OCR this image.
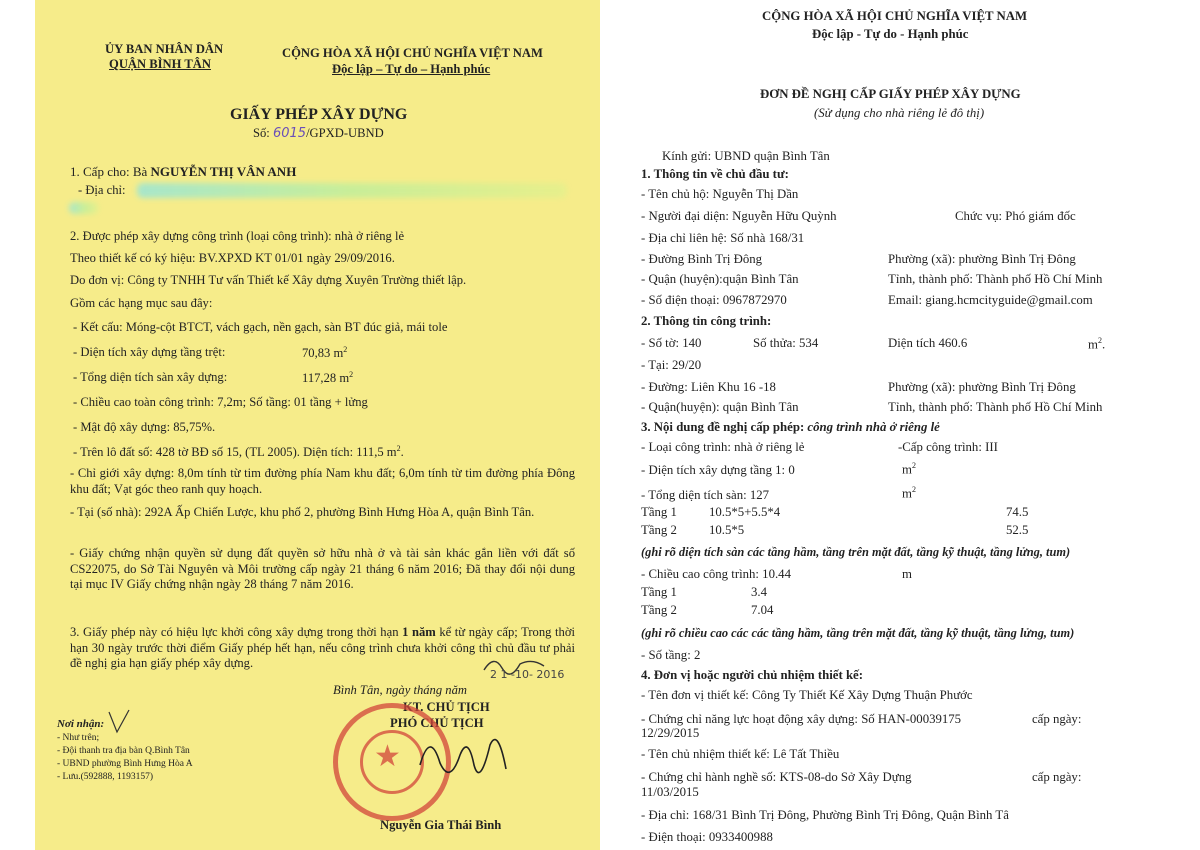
ỦY BAN NHÂN DÂN
QUẬN BÌNH TÂN
CỘNG HÒA XÃ HỘI CHỦ NGHĨA VIỆT NAM
Độc lập – Tự do – Hạnh phúc
GIẤY PHÉP XÂY DỰNG
Số: 6015/GPXD-UBND
1. Cấp cho: Bà NGUYỄN THỊ VÂN ANH
- Địa chỉ:
2. Được phép xây dựng công trình (loại công trình): nhà ở riêng lẻ
Theo thiết kế có ký hiệu: BV.XPXD KT 01/01 ngày 29/09/2016.
Do đơn vị: Công ty TNHH Tư vấn Thiết kế Xây dựng Xuyên Trường thiết lập.
Gồm các hạng mục sau đây:
- Kết cấu: Móng-cột BTCT, vách gạch, nền gạch, sàn BT đúc giả, mái tole
- Diện tích xây dựng tầng trệt:	70,83 $m^2$
- Tổng diện tích sàn xây dựng:	117,28 $m^2$
- Chiều cao toàn công trình: 7,2m; Số tầng: 01 tầng + lửng
- Mật độ xây dựng: 85,75%.
- Trên lô đất số: 428 tờ BĐ số 15, (TL 2005). Diện tích: 111,5 $m^2$.
- Chỉ giới xây dựng: 8,0m tính từ tim đường phía Nam khu đất; 6,0m tính từ tim đường phía Đông khu đất; Vạt góc theo ranh quy hoạch.
- Tại (số nhà): 292A Ấp Chiến Lược, khu phố 2, phường Bình Hưng Hòa A, quận Bình Tân.
- Giấy chứng nhận quyền sử dụng đất quyền sở hữu nhà ở và tài sản khác gắn liền với đất số CS22075, do Sở Tài Nguyên và Môi trường cấp ngày 21 tháng 6 năm 2016; Đã thay đổi nội dung tại mục IV Giấy chứng nhận ngày 28 tháng 7 năm 2016.
3. Giấy phép này có hiệu lực khởi công xây dựng trong thời hạn 1 năm kể từ ngày cấp; Trong thời hạn 30 ngày trước thời điểm Giấy phép hết hạn, nếu công trình chưa khởi công thì chủ đầu tư phải đề nghị gia hạn giấy phép xây dựng.
2 1 -10- 2016
Bình Tân, ngày tháng năm
KT. CHỦ TỊCH
PHÓ CHỦ TỊCH
★
Nguyễn Gia Thái Bình
Nơi nhận:
- Như trên;
- Đội thanh tra địa bàn Q.Bình Tân
- UBND phường Bình Hưng Hòa A
- Lưu.(592888, 1193157)
CỘNG HÒA XÃ HỘI CHỦ NGHĨA VIỆT NAM
Độc lập - Tự do - Hạnh phúc
ĐƠN ĐỀ NGHỊ CẤP GIẤY PHÉP XÂY DỰNG
(Sử dụng cho nhà riêng lẻ đô thị)
Kính gửi: UBND quận Bình Tân
1. Thông tin về chủ đầu tư:
- Tên chủ hộ: Nguyễn Thị Dần
- Người đại diện: Nguyễn Hữu Quỳnh	Chức vụ: Phó giám đốc
- Địa chỉ liên hệ: Số nhà 168/31
- Đường Bình Trị Đông	Phường (xã): phường Bình Trị Đông
- Quận (huyện):quận Bình Tân	Tỉnh, thành phố: Thành phố Hồ Chí Minh
- Số điện thoại: 0967872970	Email: giang.hcmcityguide@gmail.com
2. Thông tin công trình:
- Số tờ: 140	Số thửa: 534	Diện tích 460.6	$m^2$.
- Tại: 29/20
- Đường: Liên Khu 16 -18	Phường (xã): phường Bình Trị Đông
- Quận(huyện): quận Bình Tân	Tỉnh, thành phố: Thành phố Hồ Chí Minh
3. Nội dung đề nghị cấp phép: công trình nhà ở riêng lẻ
- Loại công trình: nhà ở riêng lẻ	-Cấp công trình: III
- Diện tích xây dựng tầng 1: 0	$m^2$
- Tổng diện tích sàn: 127	$m^2$
Tầng 1	10.5*5+5.5*4	74.5
Tầng 2	10.5*5	52.5
(ghi rõ diện tích sàn các tầng hầm, tầng trên mặt đất, tầng kỹ thuật, tầng lửng, tum)
- Chiều cao công trình: 10.44	m
Tầng 1	3.4
Tầng 2	7.04
(ghi rõ chiều cao các các tầng hầm, tầng trên mặt đất, tầng kỹ thuật, tầng lửng, tum)
- Số tầng: 2
4. Đơn vị hoặc người chủ nhiệm thiết kế:
- Tên đơn vị thiết kế: Công Ty Thiết Kế Xây Dựng Thuận Phước
- Chứng chỉ năng lực hoạt động xây dựng: Số HAN-00039175	cấp ngày:
12/29/2015
- Tên chủ nhiệm thiết kế: Lê Tất Thiều
- Chứng chỉ hành nghề số: KTS-08-do Sở Xây Dựng	cấp ngày:
11/03/2015
- Địa chỉ: 168/31 Bình Trị Đông, Phường Bình Trị Đông, Quận Bình Tâ
- Điện thoại: 0933400988
